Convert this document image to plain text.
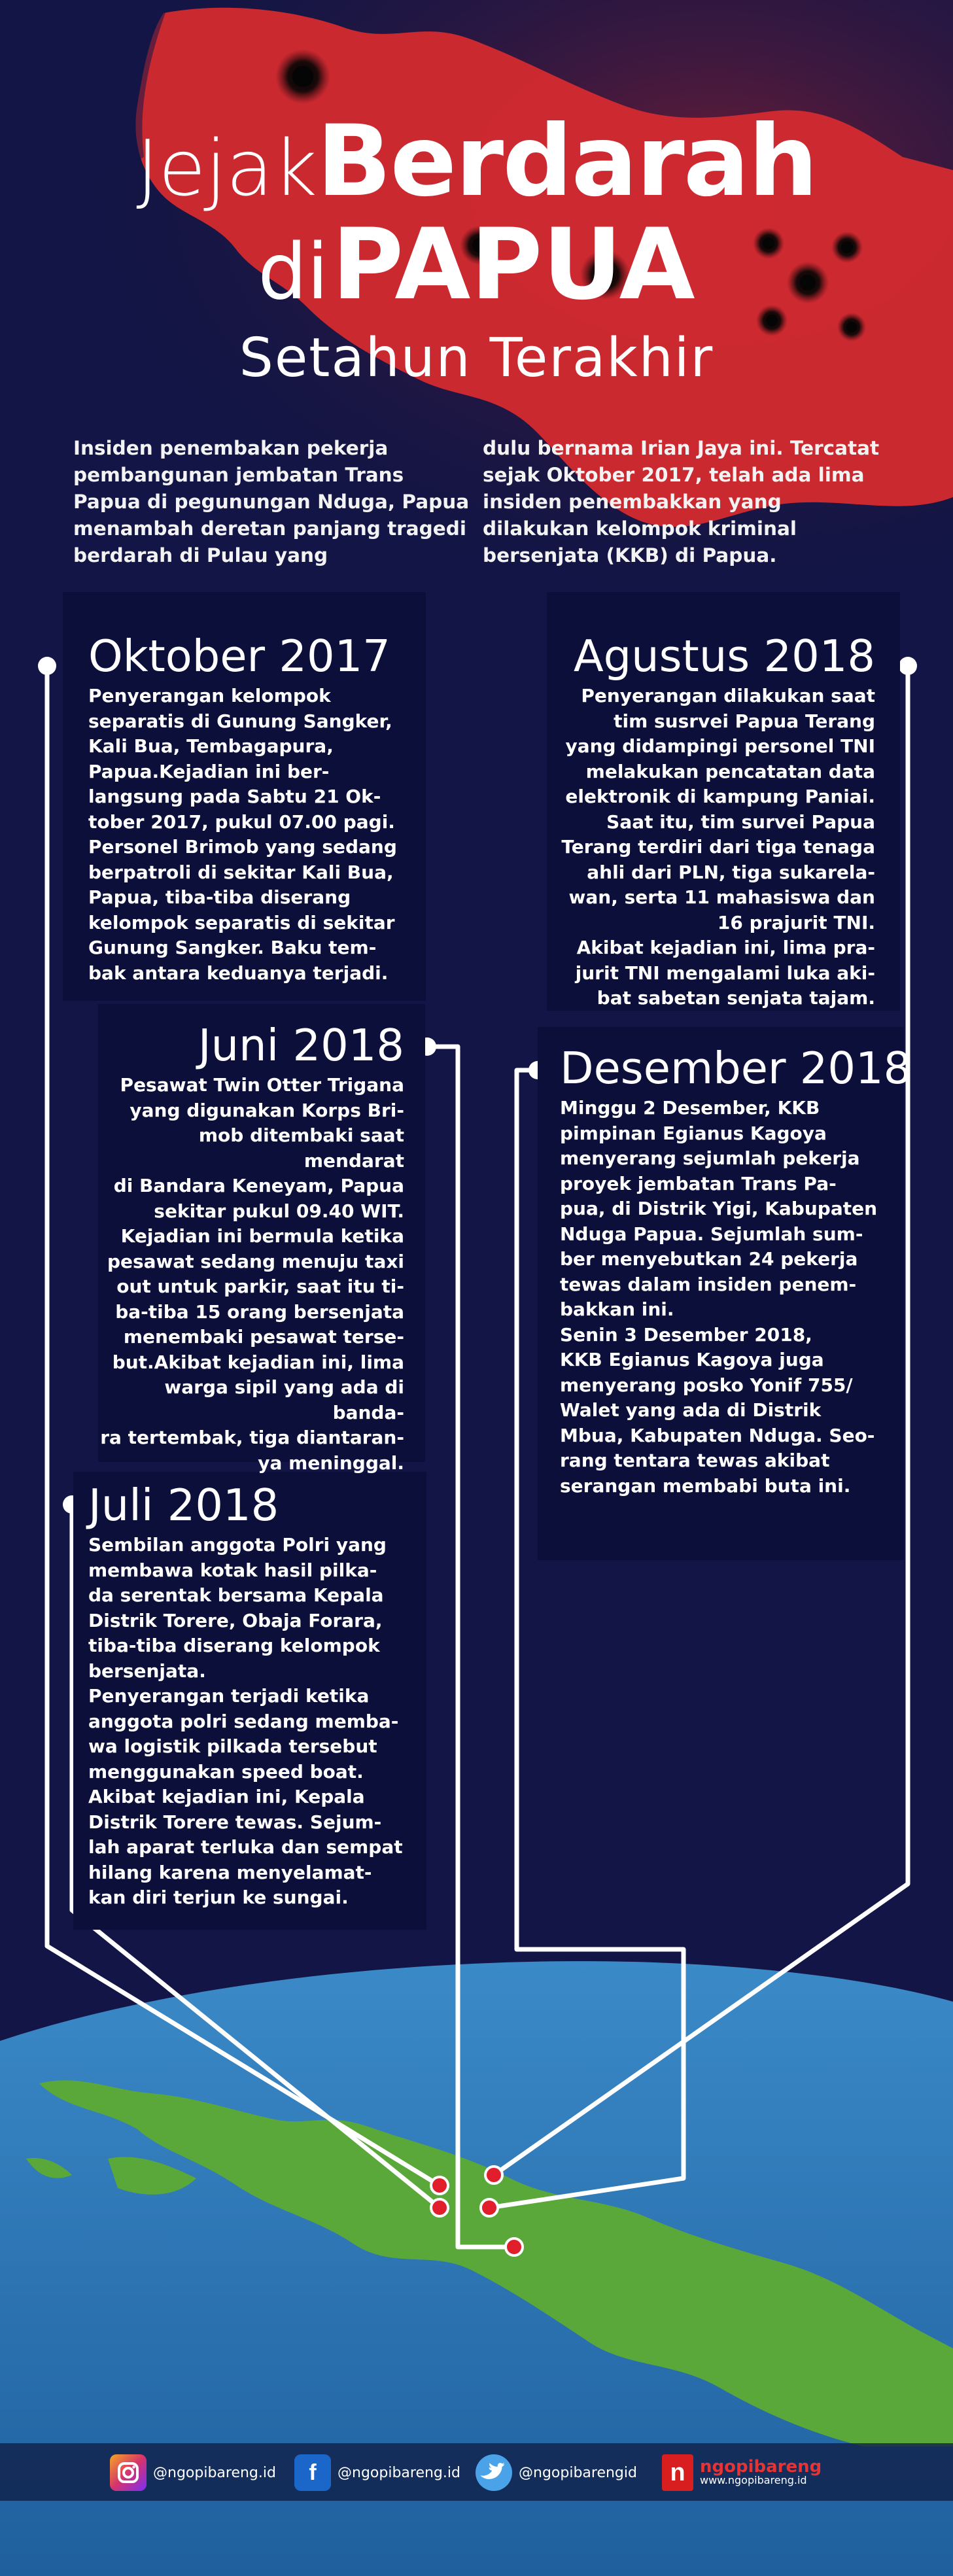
JejakBerdarah
di PAPUA
Setahun Terakhir
Insiden penembakan pekerja pembangunan jembatan Trans Papua di pegunungan Nduga, Papua menambah deretan panjang tragedi berdarah di Pulau yang
dulu bernama Irian Jaya ini. Tercatat sejak Oktober 2017, telah ada lima insiden penembakkan yang dilakukan kelompok kriminal bersenjata (KKB) di Papua.
Oktober 2017
Penyerangan kelompok
separatis di Gunung Sangker,
Kali Bua, Tembagapura,
Papua.Kejadian ini ber-
langsung pada Sabtu 21 Ok-
tober 2017, pukul 07.00 pagi.
Personel Brimob yang sedang
berpatroli di sekitar Kali Bua,
Papua, tiba-tiba diserang
kelompok separatis di sekitar
Gunung Sangker. Baku tem-
bak antara keduanya terjadi.
Agustus 2018
Penyerangan dilakukan saat
tim susrvei Papua Terang
yang didampingi personel TNI
melakukan pencatatan data
elektronik di kampung Paniai.
Saat itu, tim survei Papua
Terang terdiri dari tiga tenaga
ahli dari PLN, tiga sukarela-
wan, serta 11 mahasiswa dan
16 prajurit TNI.
Akibat kejadian ini, lima pra-
jurit TNI mengalami luka aki-
bat sabetan senjata tajam.
Juni 2018
Pesawat Twin Otter Trigana
yang digunakan Korps Bri-
mob ditembaki saat mendarat
di Bandara Keneyam, Papua
sekitar pukul 09.40 WIT.
Kejadian ini bermula ketika
pesawat sedang menuju taxi
out untuk parkir, saat itu ti-
ba-tiba 15 orang bersenjata
menembaki pesawat terse-
but.Akibat kejadian ini, lima
warga sipil yang ada di banda-
ra tertembak, tiga diantaran-
ya meninggal.
Desember 2018
Minggu 2 Desember, KKB
pimpinan Egianus Kagoya
menyerang sejumlah pekerja
proyek jembatan Trans Pa-
pua, di Distrik Yigi, Kabupaten
Nduga Papua. Sejumlah sum-
ber menyebutkan 24 pekerja
tewas dalam insiden penem-
bakkan ini.
Senin 3 Desember 2018,
KKB Egianus Kagoya juga
menyerang posko Yonif 755/
Walet yang ada di Distrik
Mbua, Kabupaten Nduga. Seo-
rang tentara tewas akibat
serangan membabi buta ini.
Juli 2018
Sembilan anggota Polri yang
membawa kotak hasil pilka-
da serentak bersama Kepala
Distrik Torere, Obaja Forara,
tiba-tiba diserang kelompok
bersenjata.
Penyerangan terjadi ketika
anggota polri sedang memba-
wa logistik pilkada tersebut
menggunakan speed boat.
Akibat kejadian ini, Kepala
Distrik Torere tewas. Sejum-
lah aparat terluka dan sempat
hilang karena menyelamat-
kan diri terjun ke sungai.
@ngopibareng.id	f	@ngopibareng.id	@ngopibarengid	n ngopibareng
www.ngopibareng.id
